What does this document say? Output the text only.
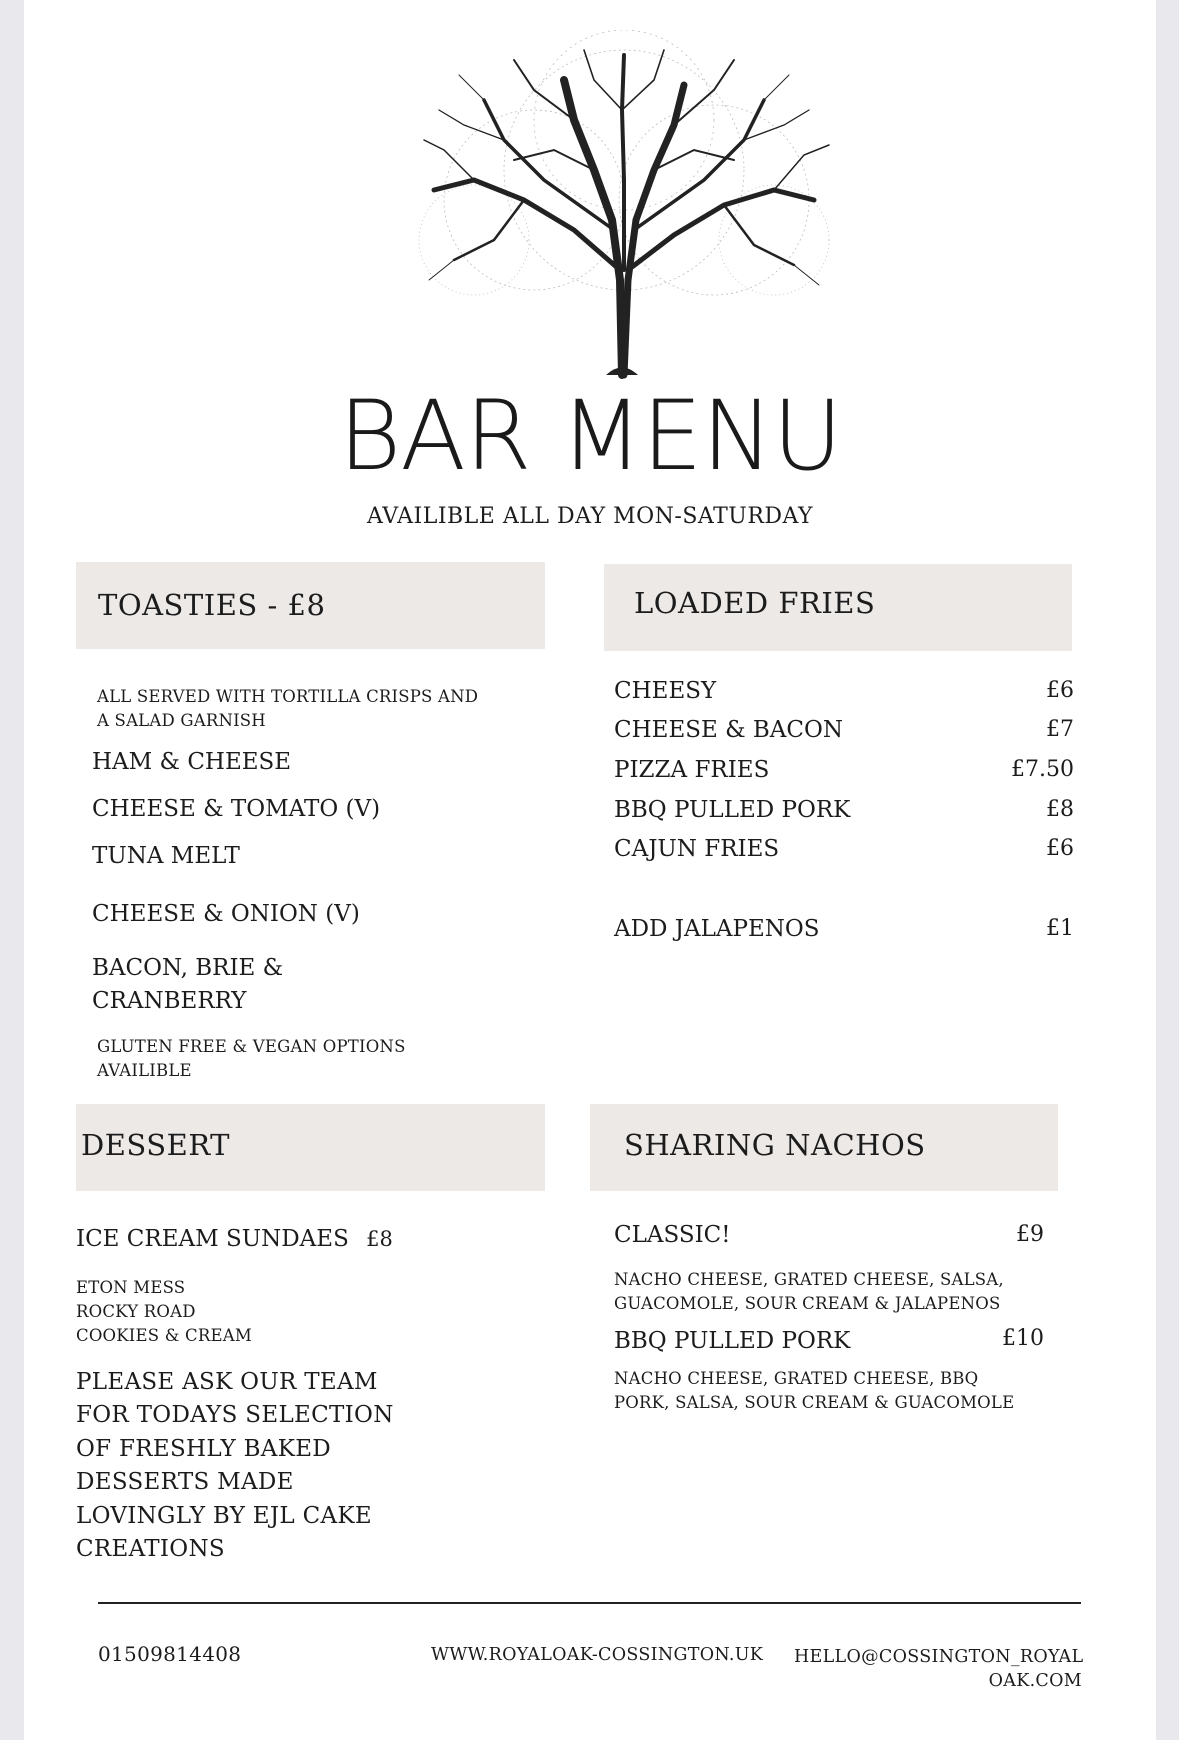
BAR MENU
AVAILIBLE ALL DAY MON-SATURDAY
TOASTIES - £8
ALL SERVED WITH TORTILLA CRISPS AND
A SALAD GARNISH
HAM & CHEESE
CHEESE & TOMATO (V)
TUNA MELT
CHEESE & ONION (V)
BACON, BRIE &
CRANBERRY
GLUTEN FREE & VEGAN OPTIONS
AVAILIBLE
LOADED FRIES
CHEESY	£6
CHEESE & BACON	£7
PIZZA FRIES	£7.50
BBQ PULLED PORK	£8
CAJUN FRIES	£6
ADD JALAPENOS	£1
DESSERT
ICE CREAM SUNDAES £8
ETON MESS
ROCKY ROAD
COOKIES & CREAM
PLEASE ASK OUR TEAM
FOR TODAYS SELECTION
OF FRESHLY BAKED
DESSERTS MADE
LOVINGLY BY EJL CAKE
CREATIONS
SHARING NACHOS
CLASSIC!	£9
NACHO CHEESE, GRATED CHEESE, SALSA,
GUACOMOLE, SOUR CREAM & JALAPENOS
BBQ PULLED PORK	£10
NACHO CHEESE, GRATED CHEESE, BBQ
PORK, SALSA, SOUR CREAM & GUACOMOLE
01509814408	WWW.ROYALOAK-COSSINGTON.UK HELLO@COSSINGTON_ROYAL
OAK.COM
